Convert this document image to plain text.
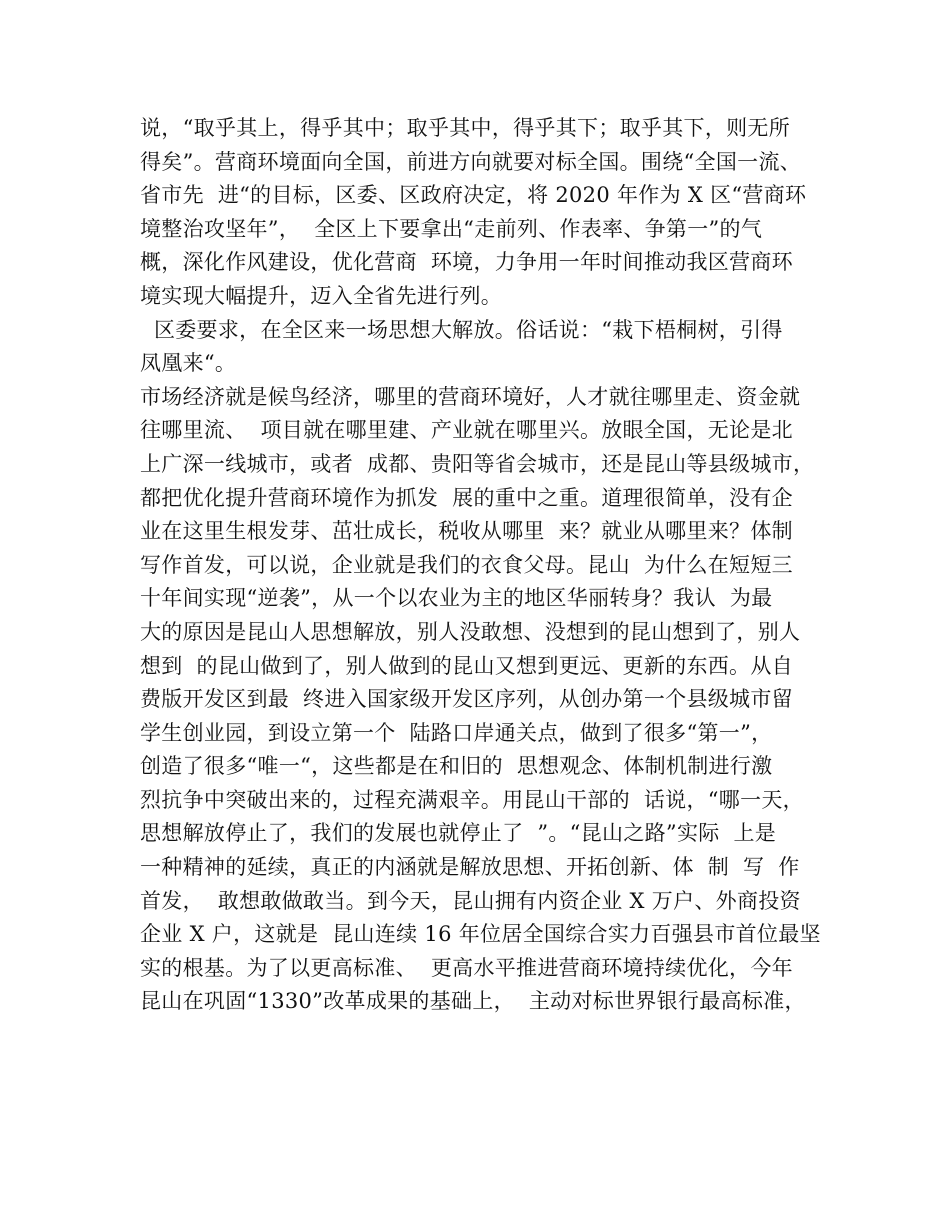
说，“取乎其上，得乎其中；取乎其中，得乎其下；取乎其下，则无所
得矣”。营商环境面向全国，前进方向就要对标全国。围绕“全国一流、
省市先  进“的目标，区委、区政府决定，将 2020 年作为 X 区“营商环
境整治攻坚年”，  全区上下要拿出“走前列、作表率、争第一”的气
概，深化作风建设，优化营商  环境，力争用一年时间推动我区营商环
境实现大幅提升，迈入全省先进行列。
区委要求，在全区来一场思想大解放。俗话说：“栽下梧桐树，引得
凤凰来“。
市场经济就是候鸟经济，哪里的营商环境好，人才就往哪里走、资金就
往哪里流、  项目就在哪里建、产业就在哪里兴。放眼全国，无论是北
上广深一线城市，或者  成都、贵阳等省会城市，还是昆山等县级城市，
都把优化提升营商环境作为抓发  展的重中之重。道理很简单，没有企
业在这里生根发芽、茁壮成长，税收从哪里  来？就业从哪里来？体制
写作首发，可以说，企业就是我们的衣食父母。昆山  为什么在短短三
十年间实现“逆袭”，从一个以农业为主的地区华丽转身？我认  为最
大的原因是昆山人思想解放，别人没敢想、没想到的昆山想到了，别人
想到  的昆山做到了，别人做到的昆山又想到更远、更新的东西。从自
费版开发区到最  终进入国家级开发区序列，从创办第一个县级城市留
学生创业园，到设立第一个  陆路口岸通关点，做到了很多“第一”，
创造了很多“唯一“，这些都是在和旧的  思想观念、体制机制进行激
烈抗争中突破出来的，过程充满艰辛。用昆山干部的  话说，“哪一天，
思想解放停止了，我们的发展也就停止了  ”。“昆山之路”实际  上是
一种精神的延续，真正的内涵就是解放思想、开拓创新、体  制  写  作
首发，  敢想敢做敢当。到今天，昆山拥有内资企业 X 万户、外商投资
企业 X 户，这就是  昆山连续 16 年位居全国综合实力百强县市首位最坚
实的根基。为了以更高标准、  更高水平推进营商环境持续优化，今年
昆山在巩固“1330”改革成果的基础上，  主动对标世界银行最高标准，
